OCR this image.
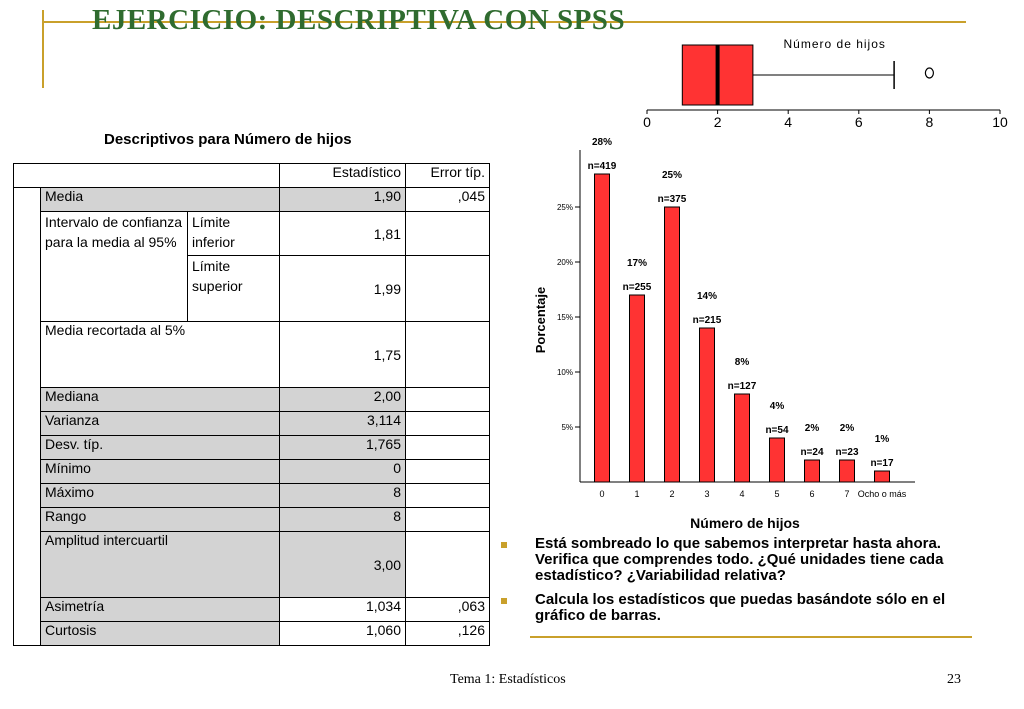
EJERCICIO: DESCRIPTIVA CON SPSS
Descriptivos para Número de hijos
			Estadístico	Error típ.
	Media		1,90	,045
	Intervalo de confianza para la media al 95%	Límite inferior	1,81	
		Límite superior	1,99	
	Media recortada al 5%		1,75	
	Mediana		2,00	
	Varianza		3,114	
	Desv. típ.		1,765	
	Mínimo		0	
	Máximo		8	
	Rango		8	
	Amplitud intercuartil		3,00	
	Asimetría		1,034	,063
	Curtosis		1,060	,126
Número de hijos
0	2	4	6	8	10
5%
10%
15%
20%
25%
Porcentaje
Número de hijos
28%
n=419
0
17%
n=255
1
25%
n=375
2
14%
n=215
3
8%
n=127
4
4%
n=54
5
2%
n=24
6
2%
n=23
7
1%
n=17
Ocho o más
Está sombreado lo que sabemos interpretar hasta ahora. Verifica que comprendes todo. ¿Qué unidades tiene cada estadístico? ¿Variabilidad relativa?
Calcula los estadísticos que puedas basándote sólo en el gráfico de barras.
Tema 1: Estadísticos	23
